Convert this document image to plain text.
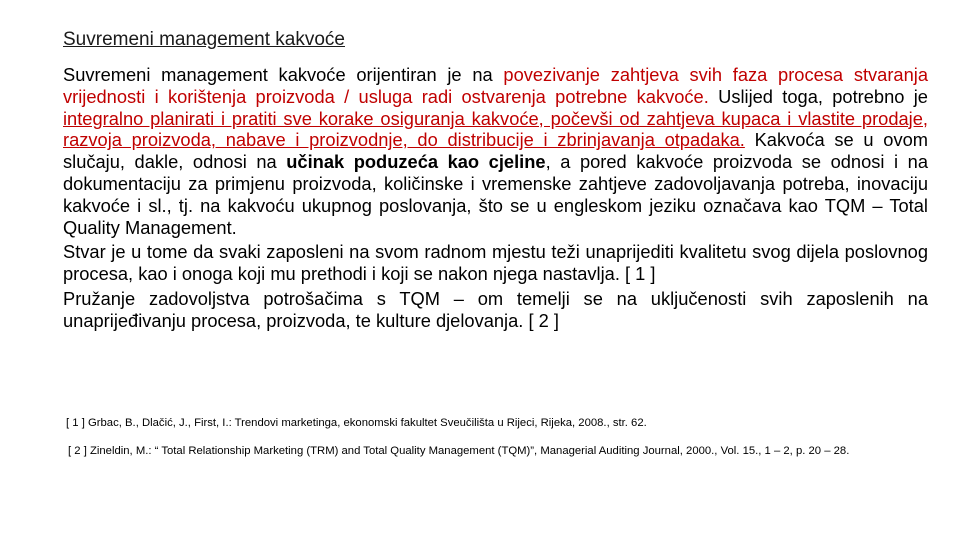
Suvremeni management kakvoće

Suvremeni management kakvoće orijentiran je na povezivanje zahtjeva svih faza procesa stvaranja vrijednosti i korištenja proizvoda / usluga radi ostvarenja potrebne kakvoće. Uslijed toga, potrebno je integralno planirati i pratiti sve korake osiguranja kakvoće, počevši od zahtjeva kupaca i vlastite prodaje, razvoja proizvoda, nabave i proizvodnje, do distribucije i zbrinjavanja otpadaka. Kakvoća se u ovom slučaju, dakle, odnosi na učinak poduzeća kao cjeline, a pored kakvoće proizvoda se odnosi i na dokumentaciju za primjenu proizvoda, količinske i vremenske zahtjeve zadovoljavanja potreba, inovaciju kakvoće i sl., tj. na kakvoću ukupnog poslovanja, što se u engleskom jeziku označava kao TQM – Total Quality Management.

Stvar je u tome da svaki zaposleni na svom radnom mjestu teži unaprijediti kvalitetu svog dijela poslovnog procesa, kao i onoga koji mu prethodi i koji se nakon njega nastavlja. [ 1 ]

Pružanje zadovoljstva potrošačima s TQM – om temelji se na uključenosti svih zaposlenih na unaprijeđivanju procesa, proizvoda, te kulture djelovanja. [ 2 ]

[ 1 ] Grbac, B., Dlačić, J., First, I.: Trendovi marketinga, ekonomski fakultet Sveučilišta u Rijeci, Rijeka, 2008., str. 62.

[ 2 ] Zineldin, M.: “ Total Relationship Marketing (TRM) and Total Quality Management (TQM)”, Managerial Auditing Journal, 2000., Vol. 15., 1 – 2, p. 20 – 28.
